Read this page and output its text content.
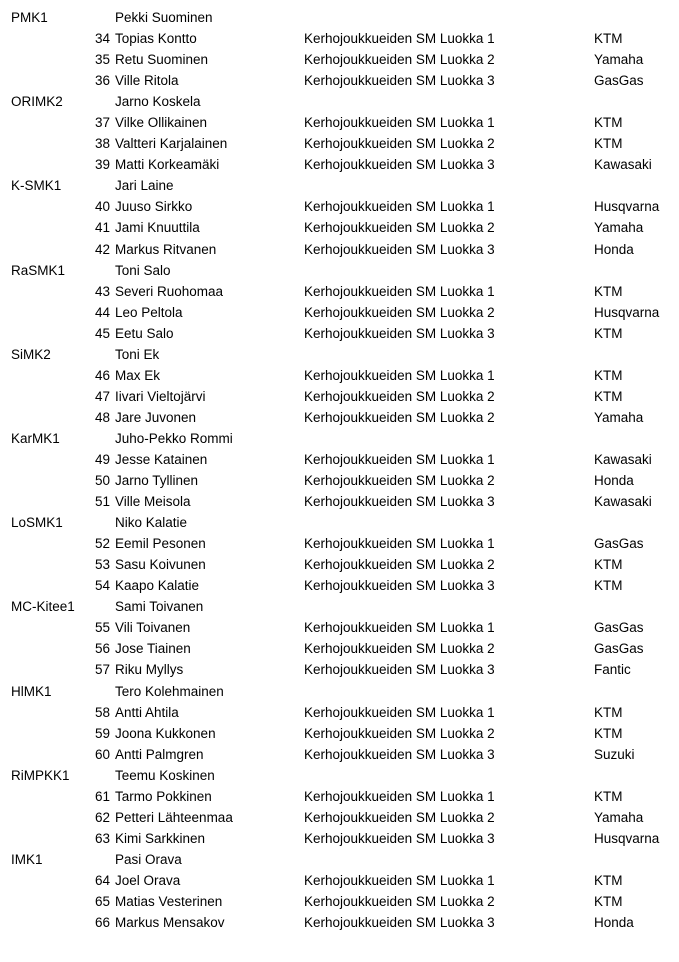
PMK1	Pekki Suominen
34 Topias Kontto	Kerhojoukkueiden SM Luokka 1	KTM
35 Retu Suominen	Kerhojoukkueiden SM Luokka 2	Yamaha
36 Ville Ritola	Kerhojoukkueiden SM Luokka 3	GasGas
ORIMK2	Jarno Koskela
37 Vilke Ollikainen	Kerhojoukkueiden SM Luokka 1	KTM
38 Valtteri Karjalainen	Kerhojoukkueiden SM Luokka 2	KTM
39 Matti Korkeamäki	Kerhojoukkueiden SM Luokka 3	Kawasaki
K-SMK1	Jari Laine
40 Juuso Sirkko	Kerhojoukkueiden SM Luokka 1	Husqvarna
41 Jami Knuuttila	Kerhojoukkueiden SM Luokka 2	Yamaha
42 Markus Ritvanen	Kerhojoukkueiden SM Luokka 3	Honda
RaSMK1	Toni Salo
43 Severi Ruohomaa	Kerhojoukkueiden SM Luokka 1	KTM
44 Leo Peltola	Kerhojoukkueiden SM Luokka 2	Husqvarna
45 Eetu Salo	Kerhojoukkueiden SM Luokka 3	KTM
SiMK2	Toni Ek
46 Max Ek	Kerhojoukkueiden SM Luokka 1	KTM
47 Iivari Vieltojärvi	Kerhojoukkueiden SM Luokka 2	KTM
48 Jare Juvonen	Kerhojoukkueiden SM Luokka 2	Yamaha
KarMK1	Juho-Pekko Rommi
49 Jesse Katainen	Kerhojoukkueiden SM Luokka 1	Kawasaki
50 Jarno Tyllinen	Kerhojoukkueiden SM Luokka 2	Honda
51 Ville Meisola	Kerhojoukkueiden SM Luokka 3	Kawasaki
LoSMK1	Niko Kalatie
52 Eemil Pesonen	Kerhojoukkueiden SM Luokka 1	GasGas
53 Sasu Koivunen	Kerhojoukkueiden SM Luokka 2	KTM
54 Kaapo Kalatie	Kerhojoukkueiden SM Luokka 3	KTM
MC-Kitee1	Sami Toivanen
55 Vili Toivanen	Kerhojoukkueiden SM Luokka 1	GasGas
56 Jose Tiainen	Kerhojoukkueiden SM Luokka 2	GasGas
57 Riku Myllys	Kerhojoukkueiden SM Luokka 3	Fantic
HlMK1	Tero Kolehmainen
58 Antti Ahtila	Kerhojoukkueiden SM Luokka 1	KTM
59 Joona Kukkonen	Kerhojoukkueiden SM Luokka 2	KTM
60 Antti Palmgren	Kerhojoukkueiden SM Luokka 3	Suzuki
RiMPKK1	Teemu Koskinen
61 Tarmo Pokkinen	Kerhojoukkueiden SM Luokka 1	KTM
62 Petteri Lähteenmaa	Kerhojoukkueiden SM Luokka 2	Yamaha
63 Kimi Sarkkinen	Kerhojoukkueiden SM Luokka 3	Husqvarna
IMK1	Pasi Orava
64 Joel Orava	Kerhojoukkueiden SM Luokka 1	KTM
65 Matias Vesterinen	Kerhojoukkueiden SM Luokka 2	KTM
66 Markus Mensakov	Kerhojoukkueiden SM Luokka 3	Honda
